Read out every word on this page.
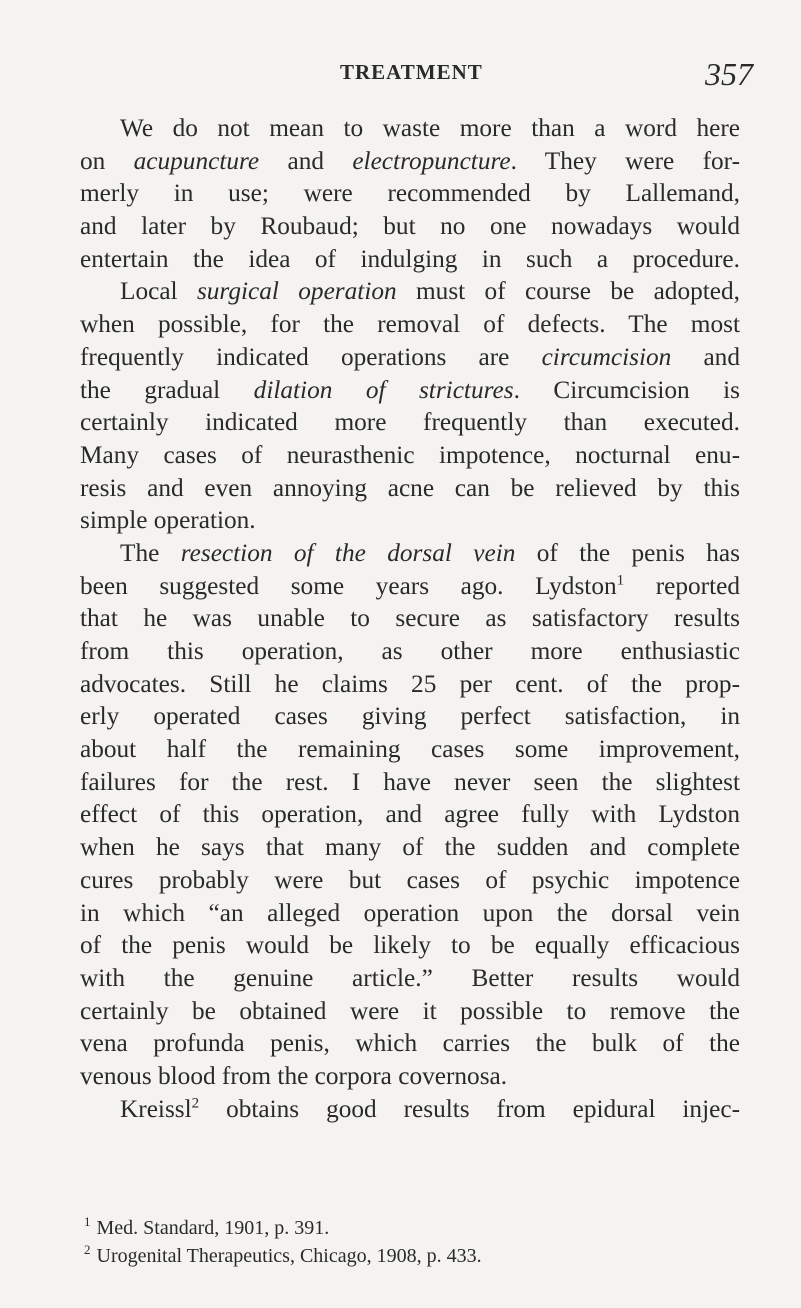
TREATMENT	357
We do not mean to waste more than a word here
on acupuncture and electropuncture. They were for-
merly in use; were recommended by Lallemand,
and later by Roubaud; but no one nowadays would
entertain the idea of indulging in such a procedure.
Local surgical operation must of course be adopted,
when possible, for the removal of defects. The most
frequently indicated operations are circumcision and
the gradual dilation of strictures. Circumcision is
certainly indicated more frequently than executed.
Many cases of neurasthenic impotence, nocturnal enu-
resis and even annoying acne can be relieved by this
simple operation.
The resection of the dorsal vein of the penis has
been suggested some years ago. Lydston$^1$ reported
that he was unable to secure as satisfactory results
from this operation, as other more enthusiastic
advocates. Still he claims 25 per cent. of the prop-
erly operated cases giving perfect satisfaction, in
about half the remaining cases some improvement,
failures for the rest. I have never seen the slightest
effect of this operation, and agree fully with Lydston
when he says that many of the sudden and complete
cures probably were but cases of psychic impotence
in which “an alleged operation upon the dorsal vein
of the penis would be likely to be equally efficacious
with the genuine article.” Better results would
certainly be obtained were it possible to remove the
vena profunda penis, which carries the bulk of the
venous blood from the corpora covernosa.
Kreissl$^2$ obtains good results from epidural injec-
$^1$ Med. Standard, 1901, p. 391.
$^2$ Urogenital Therapeutics, Chicago, 1908, p. 433.
